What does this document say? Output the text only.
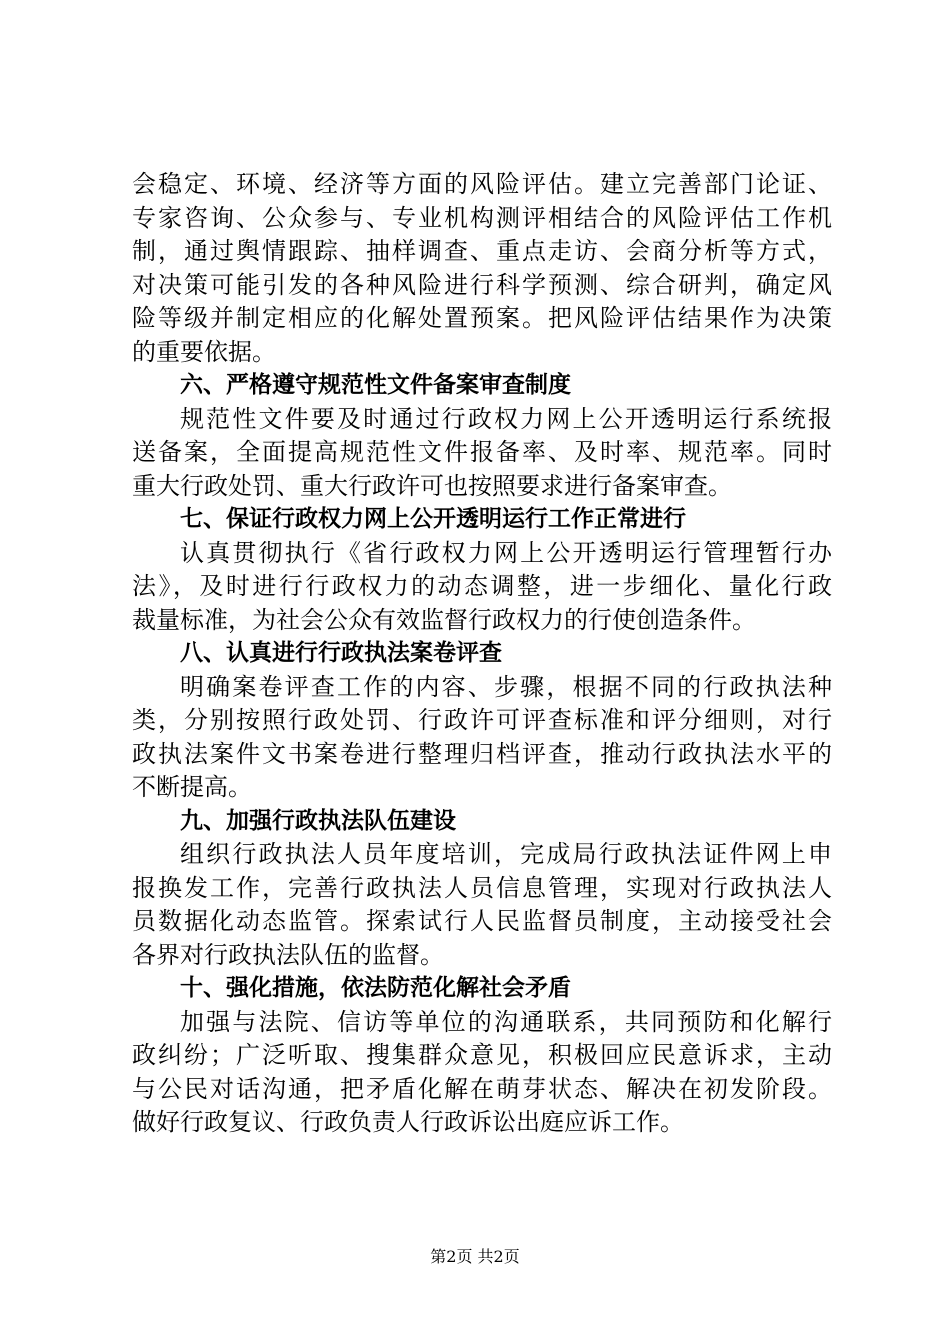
会稳定、环境、经济等方面的风险评估。建立完善部门论证、
专家咨询、公众参与、专业机构测评相结合的风险评估工作机
制，通过舆情跟踪、抽样调查、重点走访、会商分析等方式，
对决策可能引发的各种风险进行科学预测、综合研判，确定风
险等级并制定相应的化解处置预案。把风险评估结果作为决策
的重要依据。
六、严格遵守规范性文件备案审查制度
规范性文件要及时通过行政权力网上公开透明运行系统报
送备案，全面提高规范性文件报备率、及时率、规范率。同时
重大行政处罚、重大行政许可也按照要求进行备案审查。
七、保证行政权力网上公开透明运行工作正常进行
认真贯彻执行《省行政权力网上公开透明运行管理暂行办
法》，及时进行行政权力的动态调整，进一步细化、量化行政
裁量标准，为社会公众有效监督行政权力的行使创造条件。
八、认真进行行政执法案卷评查
明确案卷评查工作的内容、步骤，根据不同的行政执法种
类，分别按照行政处罚、行政许可评查标准和评分细则，对行
政执法案件文书案卷进行整理归档评查，推动行政执法水平的
不断提高。
九、加强行政执法队伍建设
组织行政执法人员年度培训，完成局行政执法证件网上申
报换发工作，完善行政执法人员信息管理，实现对行政执法人
员数据化动态监管。探索试行人民监督员制度，主动接受社会
各界对行政执法队伍的监督。
十、强化措施，依法防范化解社会矛盾
加强与法院、信访等单位的沟通联系，共同预防和化解行
政纠纷；广泛听取、搜集群众意见，积极回应民意诉求，主动
与公民对话沟通，把矛盾化解在萌芽状态、解决在初发阶段。
做好行政复议、行政负责人行政诉讼出庭应诉工作。
第2页 共2页
